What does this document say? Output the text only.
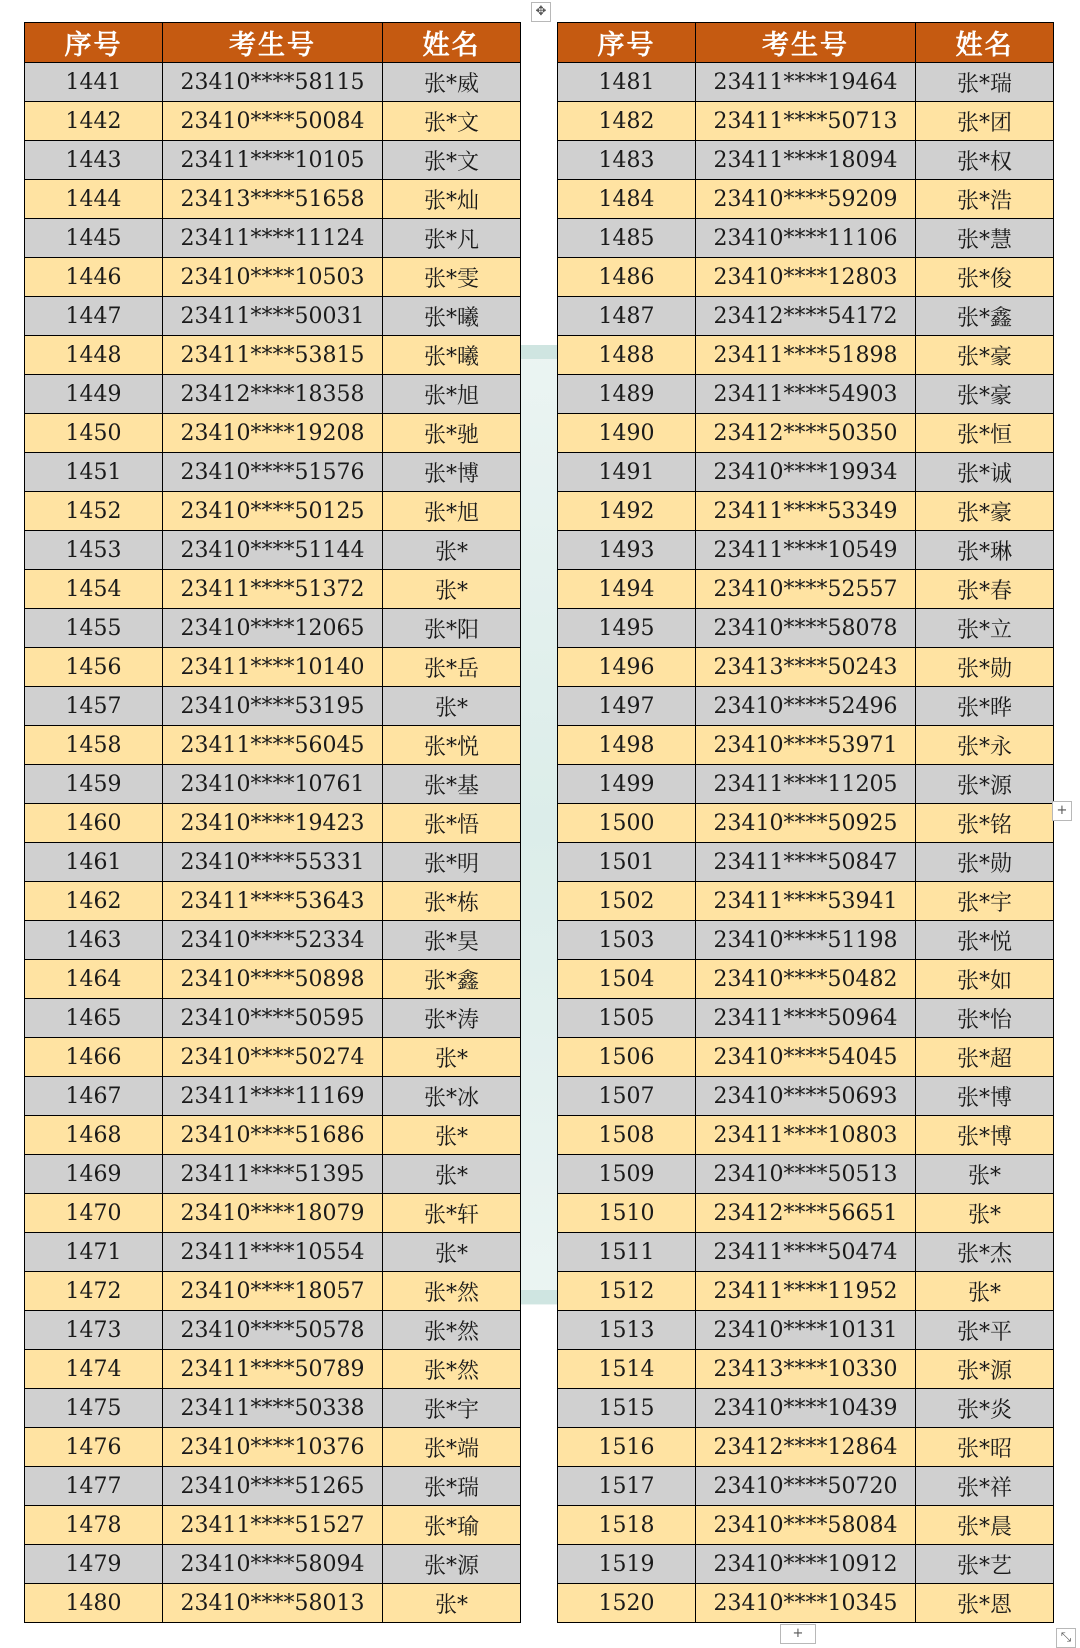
✥
+
+	⤡
序号	考生号	姓名
1441	23410****58115	张*威
1442	23410****50084	张*文
1443	23411****10105	张*文
1444	23413****51658	张*灿
1445	23411****11124	张*凡
1446	23410****10503	张*雯
1447	23411****50031	张*曦
1448	23411****53815	张*曦
1449	23412****18358	张*旭
1450	23410****19208	张*驰
1451	23410****51576	张*博
1452	23410****50125	张*旭
1453	23410****51144	张*
1454	23411****51372	张*
1455	23410****12065	张*阳
1456	23411****10140	张*岳
1457	23410****53195	张*
1458	23411****56045	张*悦
1459	23410****10761	张*基
1460	23410****19423	张*悟
1461	23410****55331	张*明
1462	23411****53643	张*栋
1463	23410****52334	张*昊
1464	23410****50898	张*鑫
1465	23410****50595	张*涛
1466	23410****50274	张*
1467	23411****11169	张*冰
1468	23410****51686	张*
1469	23411****51395	张*
1470	23410****18079	张*轩
1471	23411****10554	张*
1472	23410****18057	张*然
1473	23410****50578	张*然
1474	23411****50789	张*然
1475	23411****50338	张*宇
1476	23410****10376	张*端
1477	23410****51265	张*瑞
1478	23411****51527	张*瑜
1479	23410****58094	张*源
1480	23410****58013	张*
序号	考生号	姓名
1481	23411****19464	张*瑞
1482	23411****50713	张*团
1483	23411****18094	张*权
1484	23410****59209	张*浩
1485	23410****11106	张*慧
1486	23410****12803	张*俊
1487	23412****54172	张*鑫
1488	23411****51898	张*豪
1489	23411****54903	张*豪
1490	23412****50350	张*恒
1491	23410****19934	张*诚
1492	23411****53349	张*豪
1493	23411****10549	张*琳
1494	23410****52557	张*春
1495	23410****58078	张*立
1496	23413****50243	张*勋
1497	23410****52496	张*晔
1498	23410****53971	张*永
1499	23411****11205	张*源
1500	23410****50925	张*铭
1501	23411****50847	张*勋
1502	23411****53941	张*宇
1503	23410****51198	张*悦
1504	23410****50482	张*如
1505	23411****50964	张*怡
1506	23410****54045	张*超
1507	23410****50693	张*博
1508	23411****10803	张*博
1509	23410****50513	张*
1510	23412****56651	张*
1511	23411****50474	张*杰
1512	23411****11952	张*
1513	23410****10131	张*平
1514	23413****10330	张*源
1515	23410****10439	张*炎
1516	23412****12864	张*昭
1517	23410****50720	张*祥
1518	23410****58084	张*晨
1519	23410****10912	张*艺
1520	23410****10345	张*恩
